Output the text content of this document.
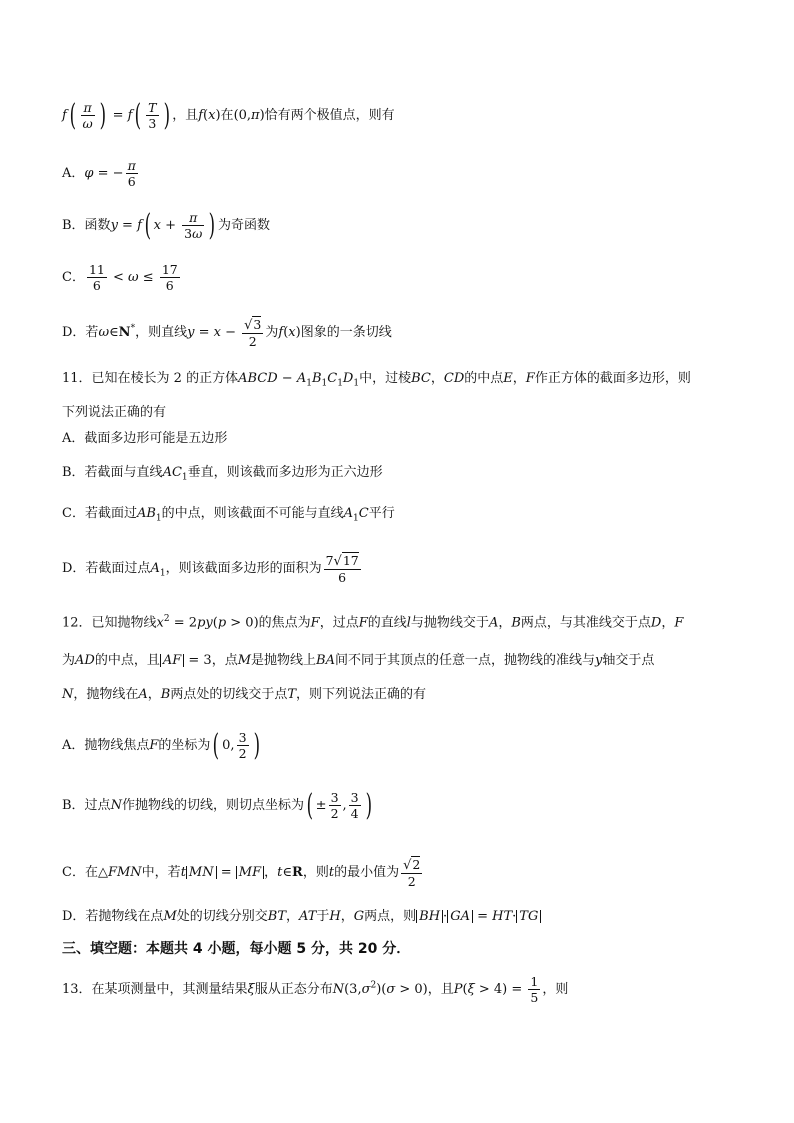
$f( \frac{\pi}{\omega}$ ) = $f( \frac{T}{3}$ ) ，且f(x)在(0,π)恰有两个极值点，则有
A．φ = − $\frac{\pi}{6}$
B．函数y = f( $x + \frac{\pi}{3\omega}$ ) 为奇函数
C． $\frac{11}{6} < \omega \le \frac{17}{6}$
D．若ω∈N*，则直线$y = x - \frac{√3}{2}$ 为f(x)图象的一条切线
11．已知在棱长为 2 的正方体ABCD − $A_1B_1C_1D_1$中，过棱BC，CD的中点E，F作正方体的截面多边形，则
下列说法正确的有
A．截面多边形可能是五边形
B．若截面与直线$AC_1$垂直，则该截而多边形为正六边形
C．若截面过$AB_1$的中点，则该截面不可能与直线$A_1C$平行
D．若截面过点$A_1$，则该截面多边形的面积为 $\frac{7√17}{6}$
12．已知抛物线$x^2 = 2py(p > 0)$的焦点为F，过点F的直线l与抛物线交于A，B两点，与其准线交于点D，F
为AD的中点，且 AF = 3，点M是抛物线上BA间不同于其顶点的任意一点，抛物线的准线与y轴交于点
N，抛物线在A，B两点处的切线交于点T，则下列说法正确的有
A．抛物线焦点F的坐标为( 0, $\frac{3}{2}$ )
B．过点N作抛物线的切线，则切点坐标为( ± $\frac{3}{2}$ , $\frac{3}{4}$ )
C．在△FMN中，若t MN = MF ，t∈R，则t的最小值为 $\frac{√2}{2}$
D．若抛物线在点M处的切线分别交BT，AT于H，G两点，则 BH · GA = HT· TG
三、填空题：本题共 4 小题，每小题 5 分，共 20 分．
13．在某项测量中，其测量结果ξ服从正态分布$N(3,\sigma^2)(\sigma > 0)$，且$P(\xi > 4) = \frac{1}{5}$ ，则
